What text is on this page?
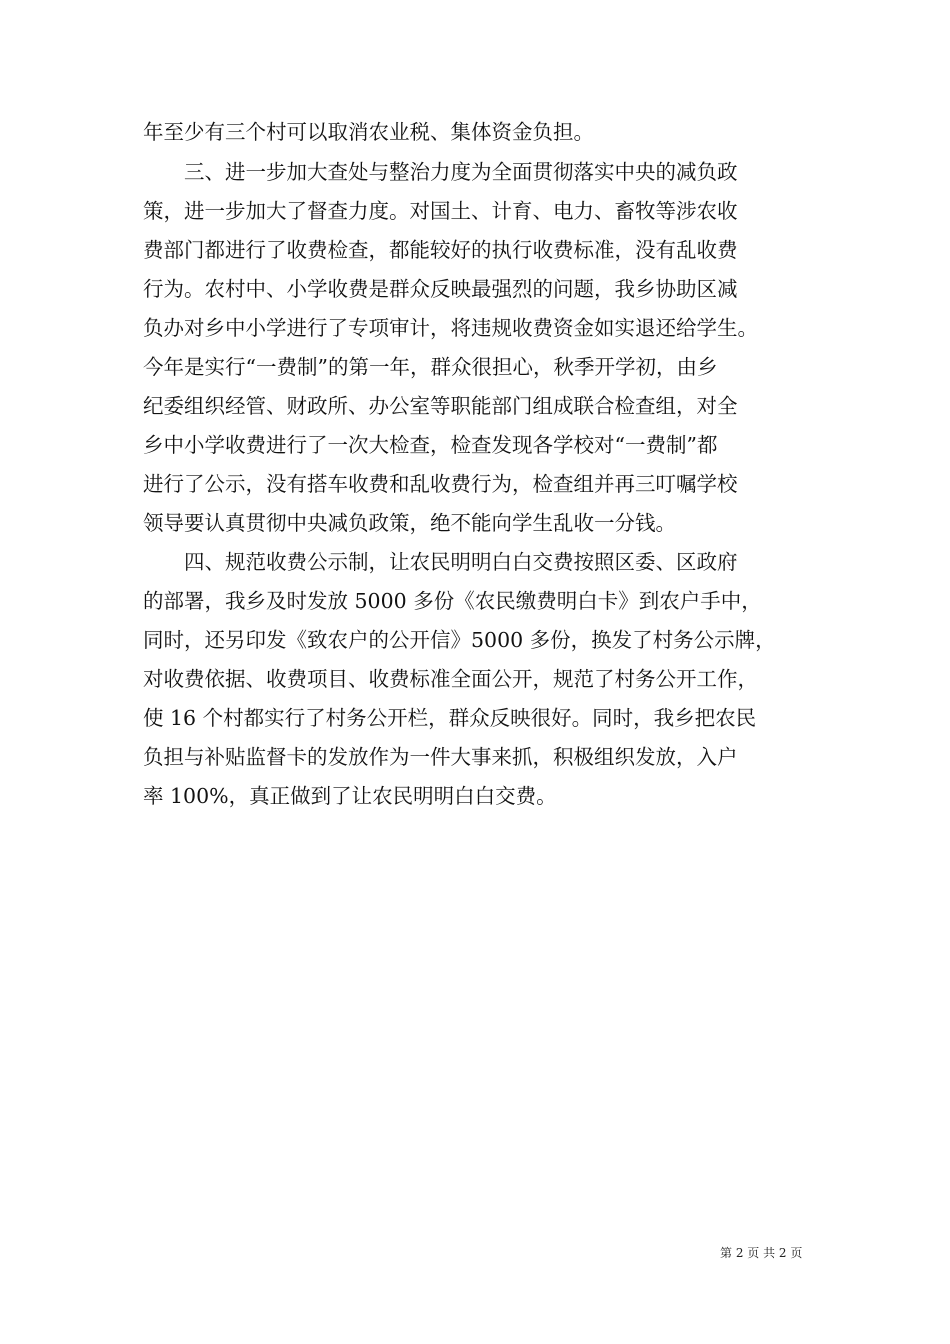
年至少有三个村可以取消农业税、集体资金负担。
三、进一步加大查处与整治力度为全面贯彻落实中央的减负政
策，进一步加大了督查力度。对国土、计育、电力、畜牧等涉农收
费部门都进行了收费检查，都能较好的执行收费标准，没有乱收费
行为。农村中、小学收费是群众反映最强烈的问题，我乡协助区减
负办对乡中小学进行了专项审计，将违规收费资金如实退还给学生。
今年是实行“一费制”的第一年，群众很担心，秋季开学初，由乡
纪委组织经管、财政所、办公室等职能部门组成联合检查组，对全
乡中小学收费进行了一次大检查，检查发现各学校对“一费制”都
进行了公示，没有搭车收费和乱收费行为，检查组并再三叮嘱学校
领导要认真贯彻中央减负政策，绝不能向学生乱收一分钱。
四、规范收费公示制，让农民明明白白交费按照区委、区政府
的部署，我乡及时发放 5000 多份《农民缴费明白卡》到农户手中，
同时，还另印发《致农户的公开信》5000 多份，换发了村务公示牌，
对收费依据、收费项目、收费标准全面公开，规范了村务公开工作，
使 16 个村都实行了村务公开栏，群众反映很好。同时，我乡把农民
负担与补贴监督卡的发放作为一件大事来抓，积极组织发放，入户
率 100%，真正做到了让农民明明白白交费。
第 2 页 共 2 页
